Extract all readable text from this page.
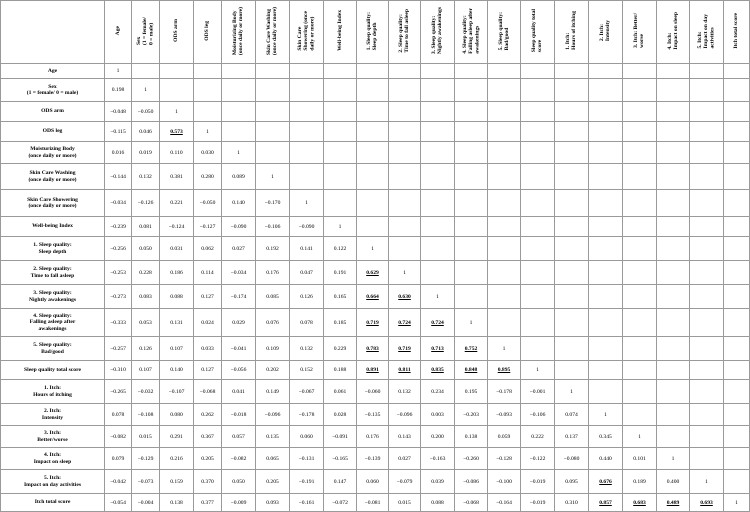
	Age	Sex
(1 = female/
0 = male)	ODS arm	ODS leg	Moisturizing Body
(once daily or more)	Skin Care Washing
(once daily or more)	Skin Care
Showering (once
daily or more)	Well-being Index	1. Sleep quality:
Sleep depth	2. Sleep quality:
Time to fall asleep	3. Sleep quality:
Nightly awakenings	4. Sleep quality:
Falling asleep after
awakenings	5. Sleep quality:
Bad/good	Sleep quality total
score	1. Itch:
Hours of itching	2. Itch:
Intensity	3. Itch: Better/
worse	4. Itch:
Impact on sleep	5. Itch:
Impact on day
activities	Itch total score
Age	1																			
Sex
(1 = female/ 0 = male)	0.198	1																		
ODS arm	−0.048	−0.050	1																	
ODS leg	−0.115	0.046	0.573	1																
Moisturizing Body
(once daily or more)	0.016	0.019	0.110	0.030	1															
Skin Care Washing
(once daily or more)	−0.144	0.132	0.381	0.280	0.089	1														
Skin Care Showering
(once daily or more)	−0.034	−0.126	0.221	−0.050	0.140	−0.170	1													
Well-being Index	−0.239	0.081	−0.124	−0.127	−0.090	−0.106	−0.090	1												
1. Sleep quality:
Sleep depth	−0.256	0.050	0.031	0.062	0.027	0.192	0.141	0.122	1											
2. Sleep quality:
Time to fall asleep	−0.253	0.228	0.186	0.114	−0.034	0.176	0.047	0.191	0.629	1										
3. Sleep quality:
Nightly awakenings	−0.273	0.083	0.088	0.127	−0.174	0.085	0.126	0.165	0.664	0.630	1									
4. Sleep quality:
Falling asleep after
awakenings	−0.333	0.053	0.131	0.024	0.029	0.076	0.078	0.185	0.719	0.724	0.724	1								
5. Sleep quality:
Bad/good	−0.257	0.126	0.107	0.033	−0.041	0.109	0.132	0.229	0.783	0.719	0.713	0.752	1							
Sleep quality total score	−0.310	0.107	0.140	0.127	−0.056	0.202	0.152	0.188	0.891	0.811	0.835	0.848	0.895	1						
1. Itch:
Hours of itching	−0.265	−0.032	−0.107	−0.068	0.041	0.149	−0.067	0.061	−0.060	0.132	0.234	0.195	−0.178	−0.001	1					
2. Itch:
Intensity	0.078	−0.108	0.080	0.262	−0.018	−0.096	−0.178	0.028	−0.135	−0.096	0.003	−0.203	−0.093	−0.106	0.074	1				
3. Itch:
Better/worse	−0.082	0.015	0.291	0.367	0.057	0.135	0.060	−0.091	0.176	0.143	0.200	0.138	0.059	0.222	0.137	0.345	1			
4. Itch:
Impact on sleep	0.079	−0.129	0.216	0.205	−0.082	0.065	−0.131	−0.165	−0.139	0.027	−0.163	−0.260	−0.128	−0.122	−0.080	0.440	0.101	1		
5. Itch:
Impact on day activities	−0.042	−0.073	0.159	0.370	0.050	0.205	−0.191	0.147	0.060	−0.079	0.039	−0.086	−0.100	−0.019	0.095	0.676	0.189	0.400	1	
Itch total score	−0.054	−0.004	0.138	0.377	−0.009	0.093	−0.161	−0.072	−0.081	0.015	0.088	−0.068	−0.164	−0.019	0.310	0.857	0.683	0.489	0.693	1
